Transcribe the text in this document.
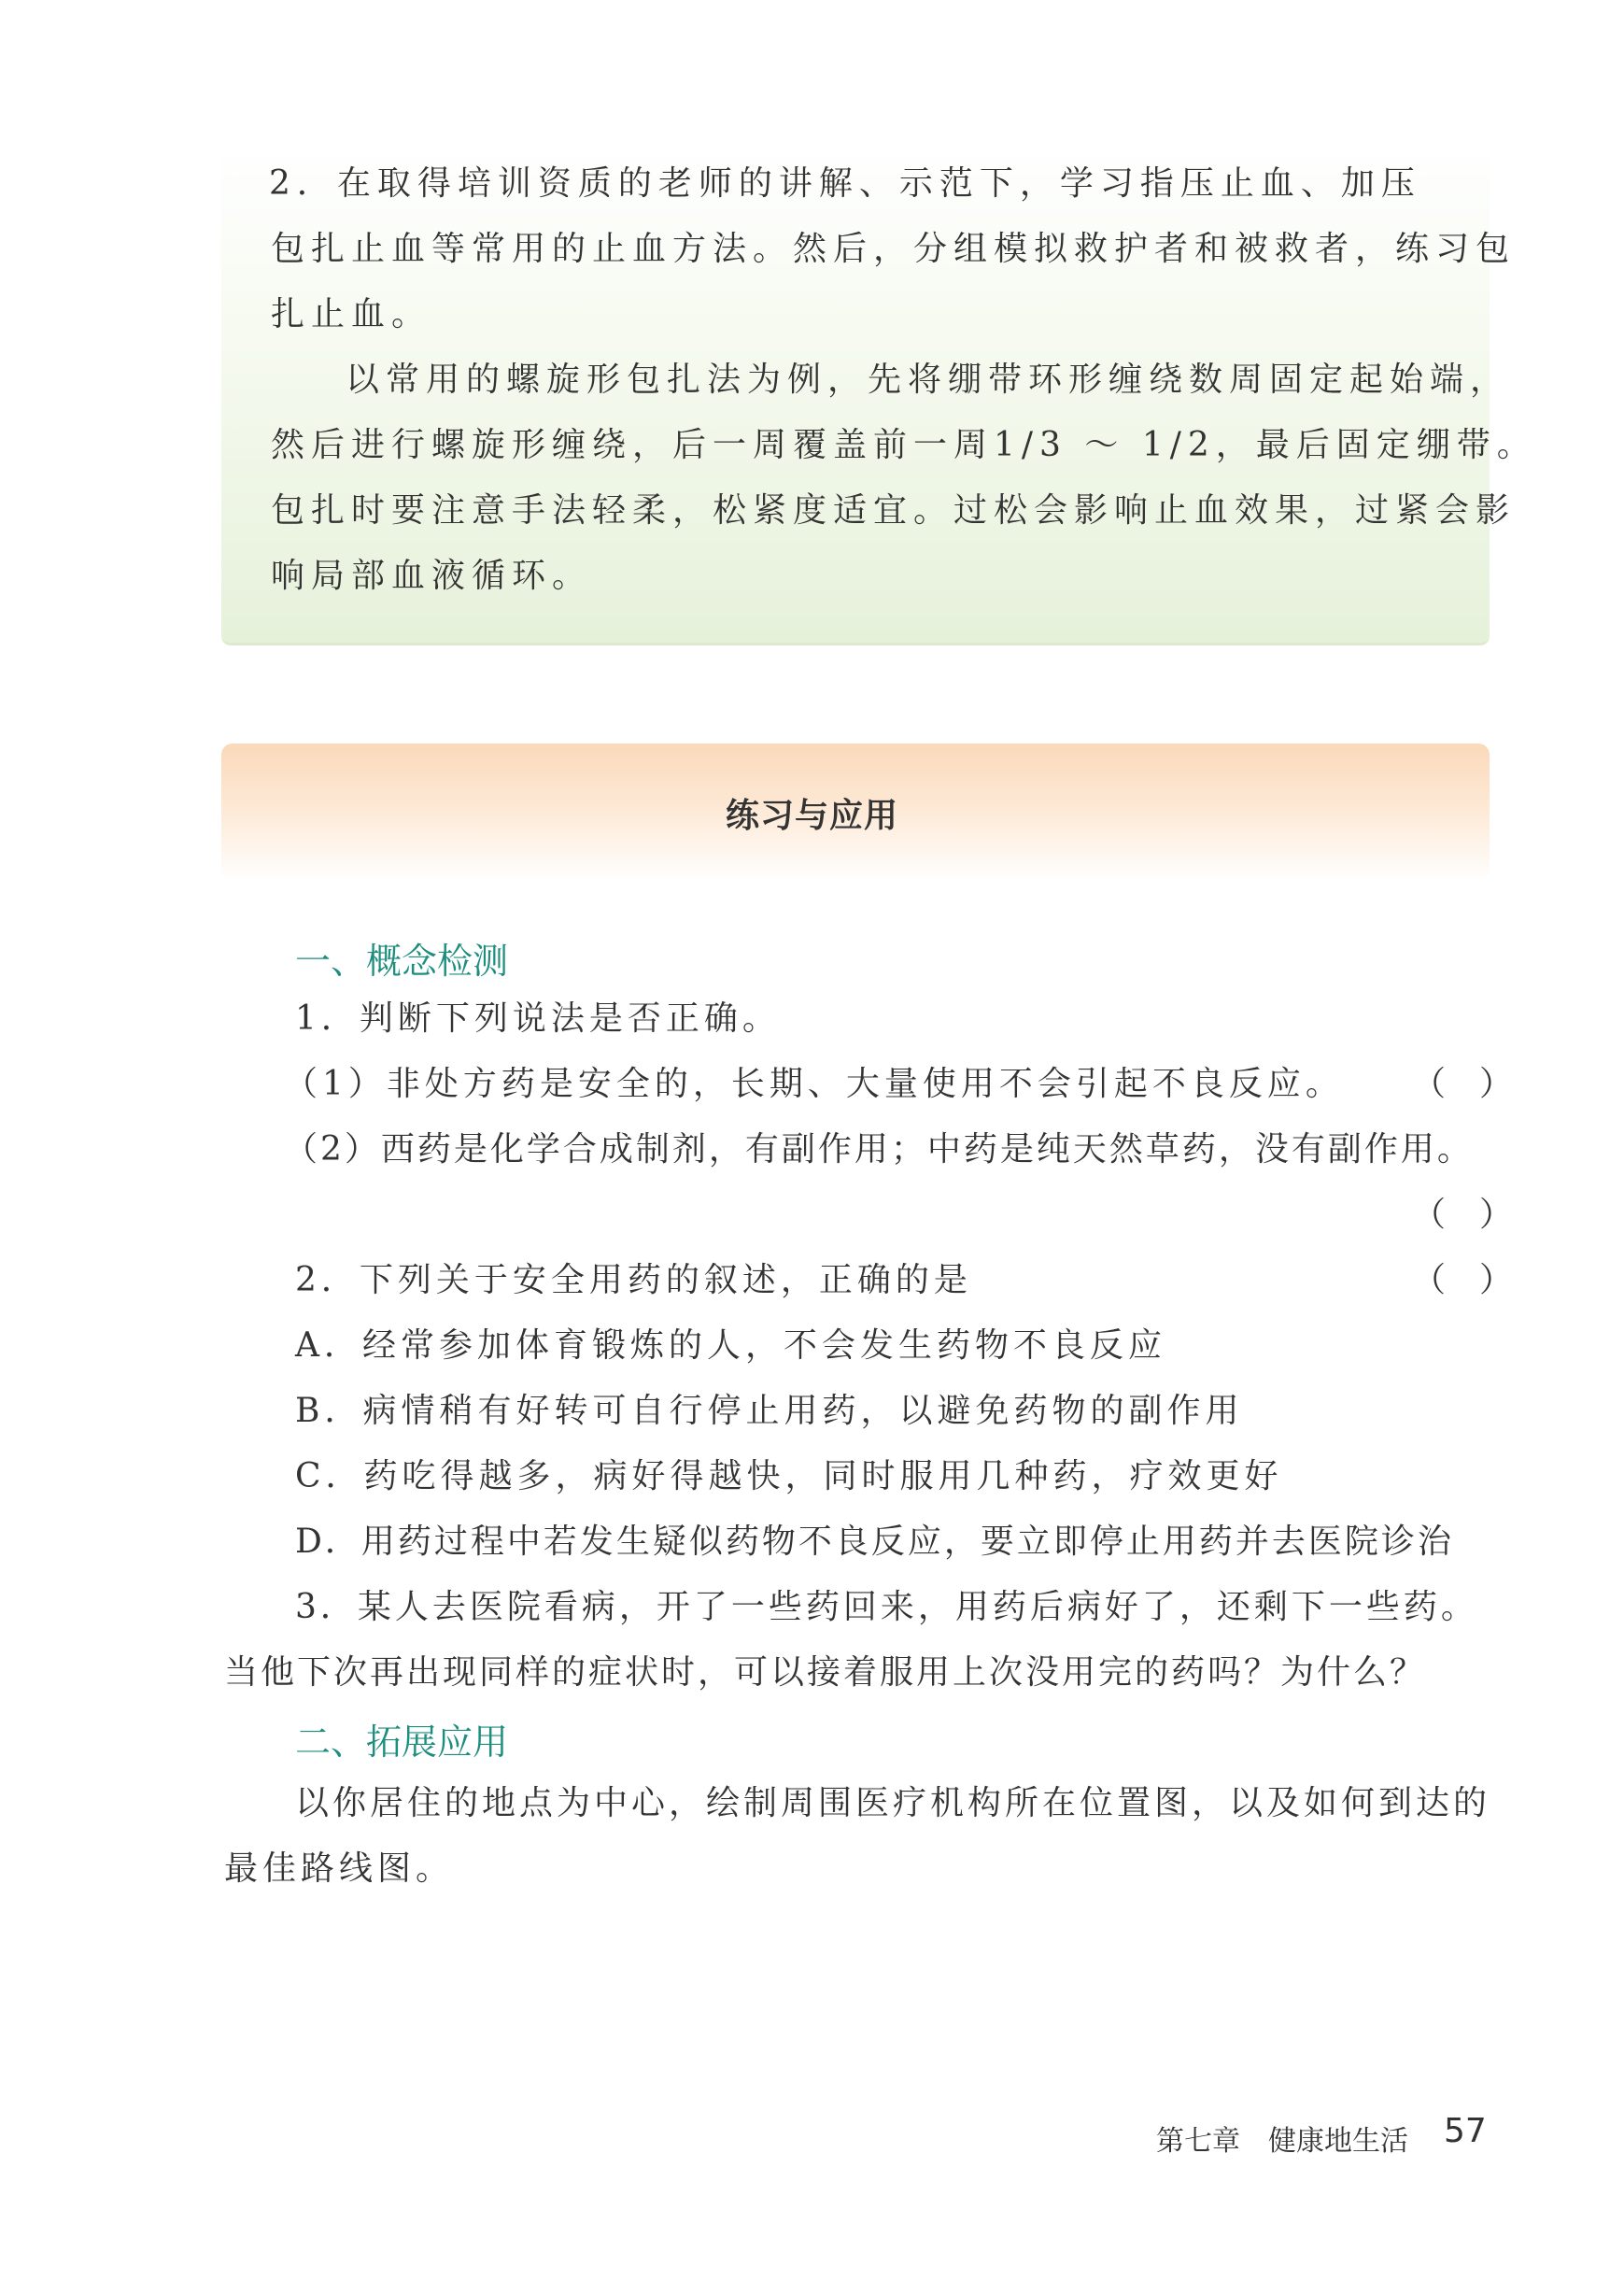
2．在取得培训资质的老师的讲解、示范下，学习指压止血、加压
包扎止血等常用的止血方法。然后，分组模拟救护者和被救者，练习包
扎止血。
以常用的螺旋形包扎法为例，先将绷带环形缠绕数周固定起始端，
然后进行螺旋形缠绕，后一周覆盖前一周1/3 ～ 1/2，最后固定绷带。
包扎时要注意手法轻柔，松紧度适宜。过松会影响止血效果，过紧会影
响局部血液循环。
练习与应用
一、概念检测
1．判断下列说法是否正确。
（1）非处方药是安全的，长期、大量使用不会引起不良反应。 （　）
（2）西药是化学合成制剂，有副作用；中药是纯天然草药，没有副作用。
（　）
2．下列关于安全用药的叙述，正确的是	（　）
A．经常参加体育锻炼的人，不会发生药物不良反应
B．病情稍有好转可自行停止用药，以避免药物的副作用
C．药吃得越多，病好得越快，同时服用几种药，疗效更好
D．用药过程中若发生疑似药物不良反应，要立即停止用药并去医院诊治
3．某人去医院看病，开了一些药回来，用药后病好了，还剩下一些药。
当他下次再出现同样的症状时，可以接着服用上次没用完的药吗？为什么？
二、拓展应用
以你居住的地点为中心，绘制周围医疗机构所在位置图，以及如何到达的
最佳路线图。
第七章　健康地生活 57
